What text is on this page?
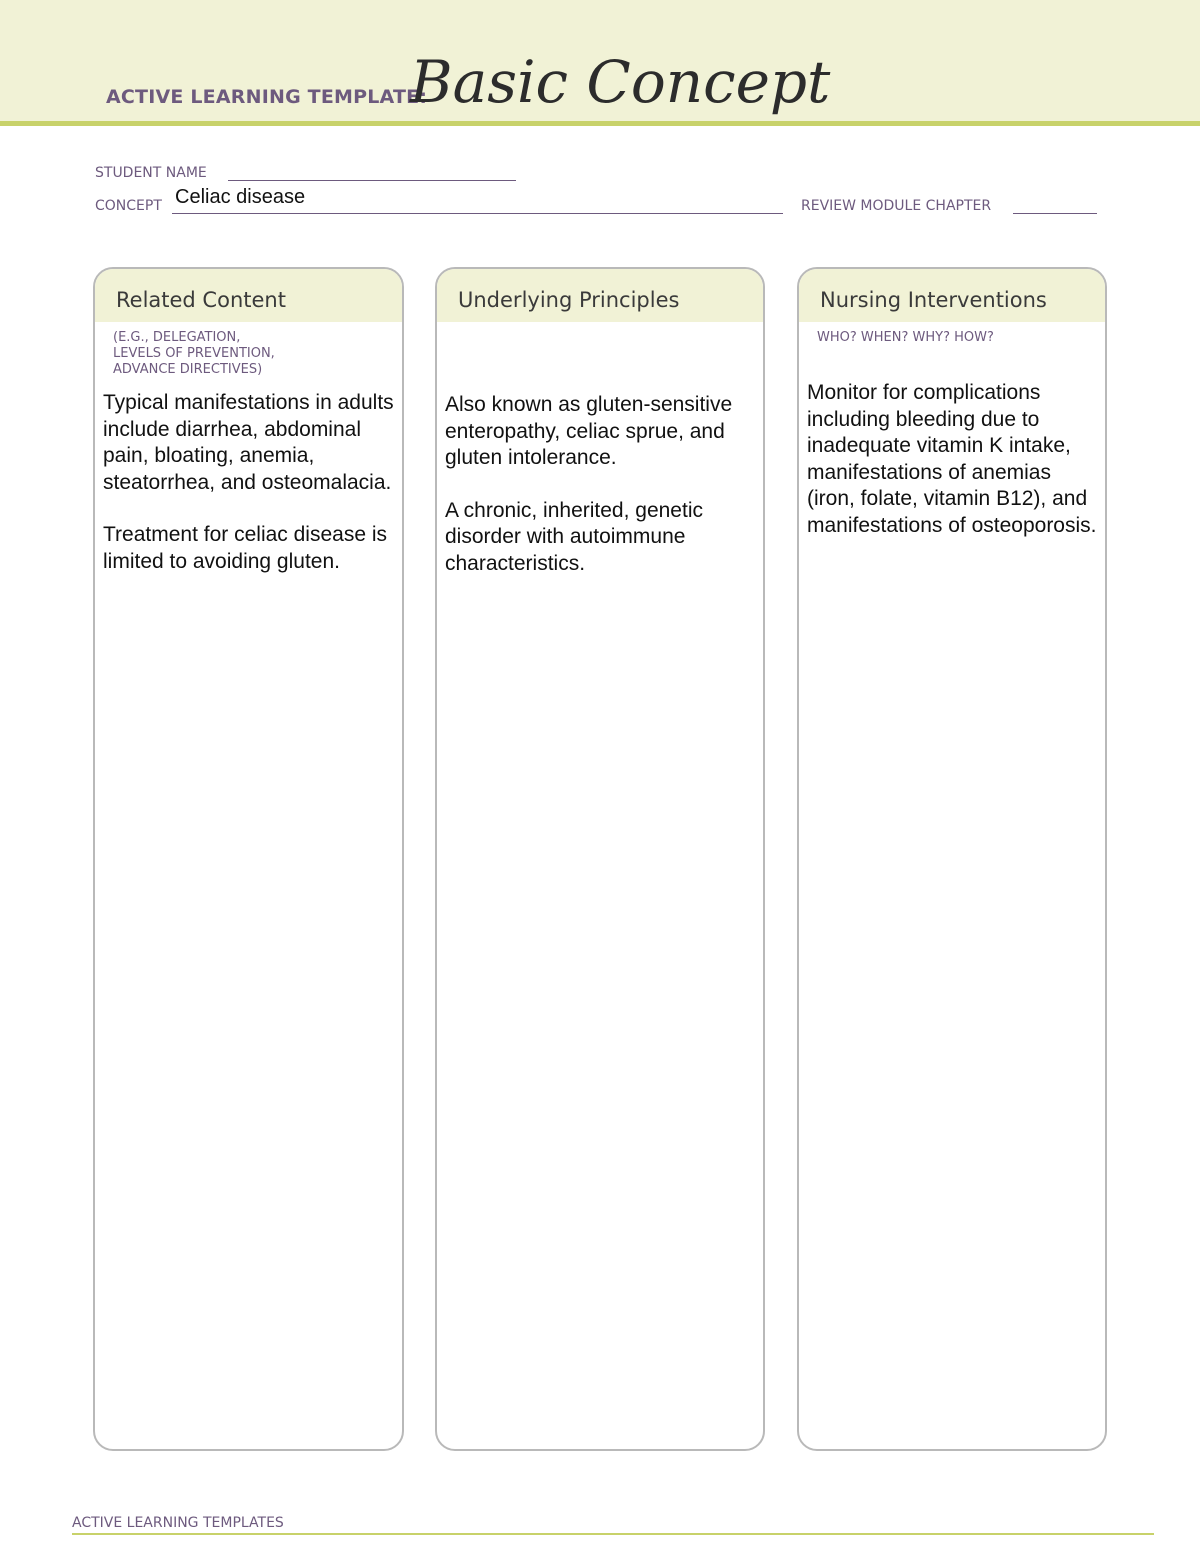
ACTIVE LEARNING TEMPLATE:
Basic Concept
STUDENT NAME
CONCEPT Celiac disease	REVIEW MODULE CHAPTER
Related Content
(E.G., DELEGATION,
LEVELS OF PREVENTION,
ADVANCE DIRECTIVES)

Typical manifestations in adults include diarrhea, abdominal pain, bloating, anemia, steatorrhea, and osteomalacia.

Treatment for celiac disease is limited to avoiding gluten.

Underlying Principles

Also known as gluten-sensitive enteropathy, celiac sprue, and gluten intolerance.

A chronic, inherited, genetic disorder with autoimmune characteristics.

Nursing Interventions
WHO? WHEN? WHY? HOW?

Monitor for complications including bleeding due to inadequate vitamin K intake, manifestations of anemias (iron, folate, vitamin B12), and manifestations of osteoporosis.

ACTIVE LEARNING TEMPLATES
